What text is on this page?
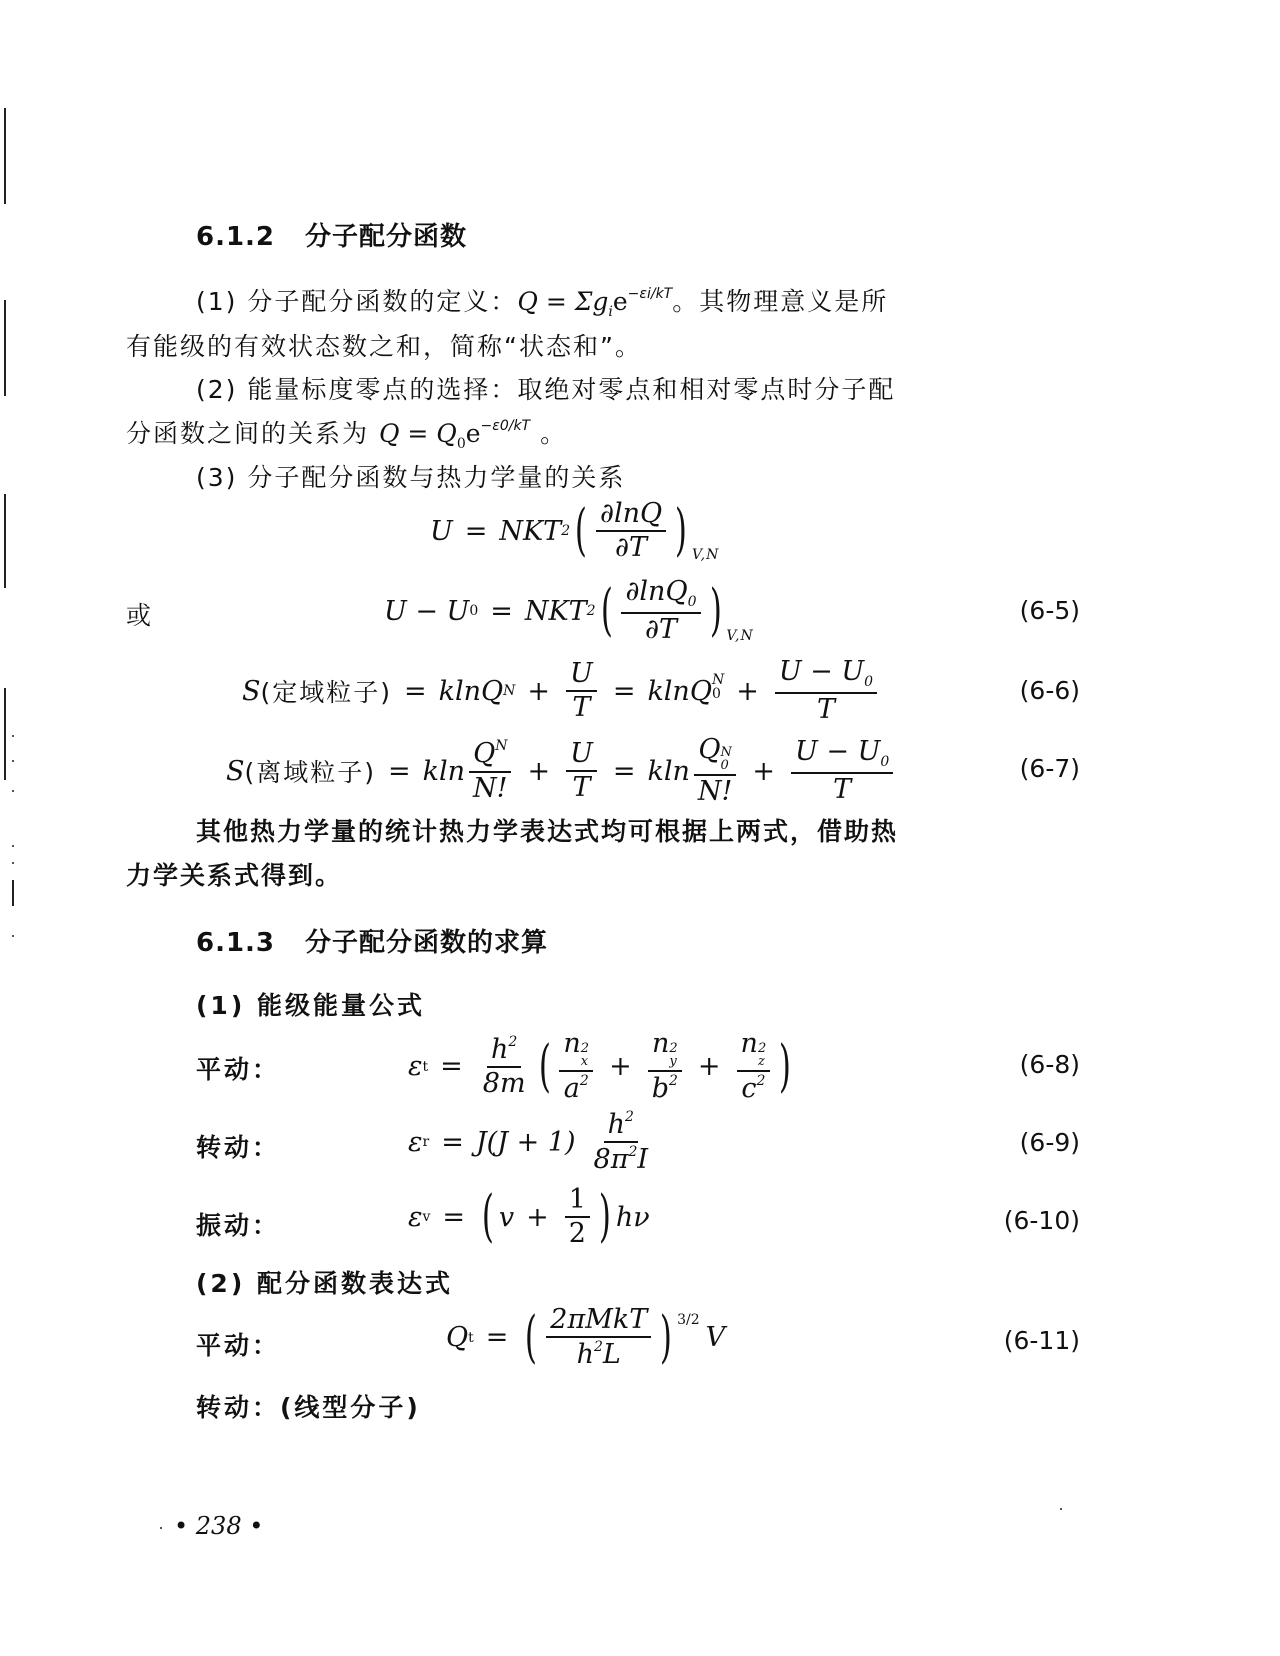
6.1.2 分子配分函数
(1) 分子配分函数的定义：$Q = \Sigma g_ie^{-\varepsilon i/kT}$。其物理意义是所
有能级的有效状态数之和，简称“状态和”。
(2) 能量标度零点的选择：取绝对零点和相对零点时分子配
分函数之间的关系为 $Q = Q_0e^{-\varepsilon 0/kT}$ 。
(3) 分子配分函数与热力学量的关系
U = NKT 2 ( $\frac{\partial\ln Q}{\partial T}$ ) V,N
或	U − U 0 = NKT 2 ( $\frac{\partial\ln Q_0}{\partial T}$ ) V,N
(6-5)
S (定域粒子) = klnQ $N + \frac{U}{T} = klnQ$ N
$0 + \frac{U - U_0}{T}$	(6-6)
S (离域粒子) = kln $\frac{Q^N}{N!} + \frac{U}{T} = kln$ Q N
0
N! + $\frac{U - U_0}{T}$	(6-7)
其他热力学量的统计热力学表达式均可根据上两式，借助热
力学关系式得到。
6.1.3 分子配分函数的求算
(1) 能级能量公式
平动：	ε $t = \frac{h^2}{8m}$ ( n 2
x
$a^2 + n$ 2
y
$b^2 + n$ 2
z
$c^2$ )	(6-8)
转动：	ε $r = J(J + 1) \frac{h^2}{8\pi^2I}$	(6-9)
振动：	ε v = ( $v + \frac{1}{2}$ ) hν	(6-10)
(2) 配分函数表达式
平动：	Q t = ( $\frac{\text{2πMkT}}{h^2L}$ ) 3/2
V	(6-11)
转动：(线型分子)
• 238 •
